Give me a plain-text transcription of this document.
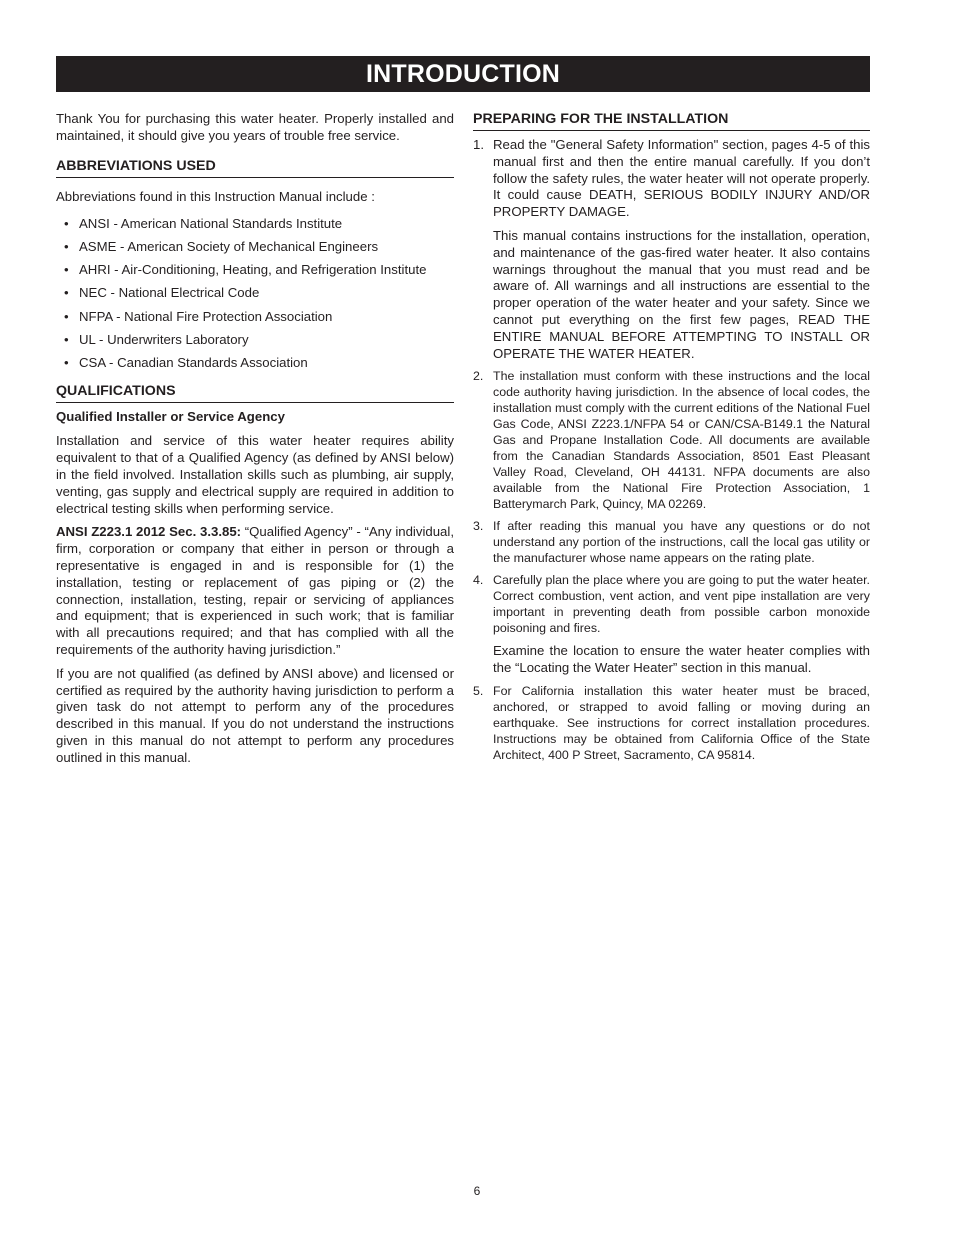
INTRODUCTION

Thank You for purchasing this water heater. Properly installed and maintained, it should give you years of trouble free service.

ABBREVIATIONS USED

Abbreviations found in this Instruction Manual include :

• ANSI - American National Standards Institute
• ASME - American Society of Mechanical Engineers
• AHRI - Air-Conditioning, Heating, and Refrigeration Institute
• NEC - National Electrical Code
• NFPA - National Fire Protection Association
• UL - Underwriters Laboratory
• CSA - Canadian Standards Association
QUALIFICATIONS
Qualified Installer or Service Agency

Installation and service of this water heater requires ability equivalent to that of a Qualified Agency (as defined by ANSI below) in the field involved. Installation skills such as plumbing, air supply, venting, gas supply and electrical supply are required in addition to electrical testing skills when performing service.

ANSI Z223.1 2012 Sec. 3.3.85: “Qualified Agency” - “Any individual, firm, corporation or company that either in person or through a representative is engaged in and is responsible for (1) the installation, testing or replacement of gas piping or (2) the connection, installation, testing, repair or servicing of appliances and equipment; that is experienced in such work; that is familiar with all precautions required; and that has complied with all the requirements of the authority having jurisdiction.”

If you are not qualified (as defined by ANSI above) and licensed or certified as required by the authority having jurisdiction to perform a given task do not attempt to perform any of the procedures described in this manual. If you do not understand the instructions given in this manual do not attempt to perform any procedures outlined in this manual.

PREPARING FOR THE INSTALLATION
1. Read the "General Safety Information" section, pages 4-5 of this manual first and then the entire manual carefully. If you don’t follow the safety rules, the water heater will not operate properly. It could cause DEATH, SERIOUS BODILY INJURY AND/OR PROPERTY DAMAGE.

This manual contains instructions for the installation, operation, and maintenance of the gas-fired water heater. It also contains warnings throughout the manual that you must read and be aware of. All warnings and all instructions are essential to the proper operation of the water heater and your safety. Since we cannot put everything on the first few pages, READ THE ENTIRE MANUAL BEFORE ATTEMPTING TO INSTALL OR OPERATE THE WATER HEATER.

2. The installation must conform with these instructions and the local code authority having jurisdiction. In the absence of local codes, the installation must comply with the current editions of the National Fuel Gas Code, ANSI Z223.1/NFPA 54 or CAN/CSA-B149.1 the Natural Gas and Propane Installation Code. All documents are available from the Canadian Standards Association, 8501 East Pleasant Valley Road, Cleveland, OH 44131. NFPA documents are also available from the National Fire Protection Association, 1 Batterymarch Park, Quincy, MA 02269.

3. If after reading this manual you have any questions or do not understand any portion of the instructions, call the local gas utility or the manufacturer whose name appears on the rating plate.

4. Carefully plan the place where you are going to put the water heater. Correct combustion, vent action, and vent pipe installation are very important in preventing death from possible carbon monoxide poisoning and fires.

Examine the location to ensure the water heater complies with the “Locating the Water Heater” section in this manual.

5. For California installation this water heater must be braced, anchored, or strapped to avoid falling or moving during an earthquake. See instructions for correct installation procedures. Instructions may be obtained from California Office of the State Architect, 400 P Street, Sacramento, CA 95814.

6
